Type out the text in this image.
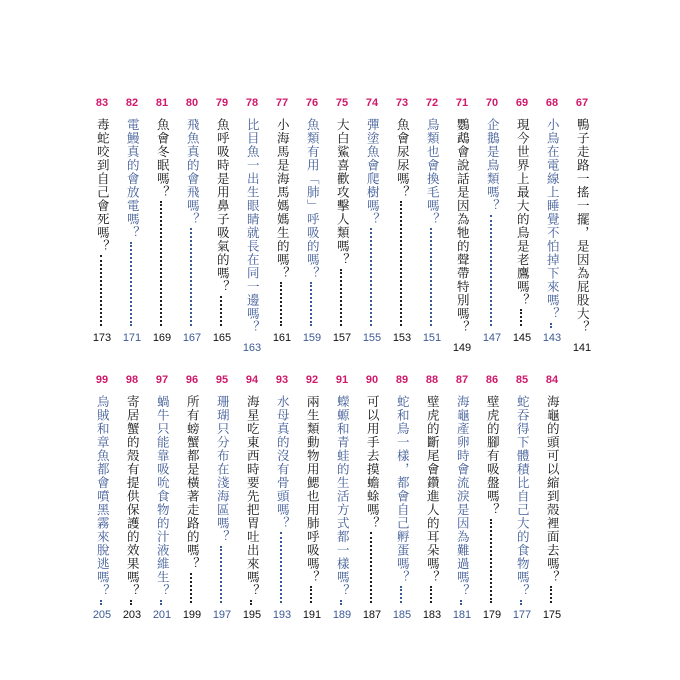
67
鴨子走路一搖一擺，是因為屁股大？
141
68
小鳥在電線上睡覺不怕掉下來嗎？
143
69
現今世界上最大的鳥是老鷹嗎？
145
70
企鵝是鳥類嗎？
147
71
鸚鵡會說話是因為牠的聲帶特別嗎？
149
72
鳥類也會換毛嗎？
151
73
魚會尿尿嗎？
153
74
彈塗魚會爬樹嗎？
155
75
大白鯊喜歡攻擊人類嗎？
157
76
魚類有用「肺」呼吸的嗎？
159
77
小海馬是海馬媽媽生的嗎？
161
78
比目魚一出生眼睛就長在同一邊嗎？
163
79
魚呼吸時是用鼻子吸氣的嗎？
165
80
飛魚真的會飛嗎？
167
81
魚會冬眠嗎？
169
82
電鰻真的會放電嗎？
171
83
毒蛇咬到自己會死嗎？
173
84
海龜的頭可以縮到殼裡面去嗎？
175
85
蛇吞得下體積比自己大的食物嗎？
177
86
壁虎的腳有吸盤嗎？
179
87
海龜產卵時會流淚是因為難過嗎？
181
88
壁虎的斷尾會鑽進人的耳朵嗎？
183
89
蛇和鳥一樣，都會自己孵蛋嗎？
185
90
可以用手去摸蟾蜍嗎？
187
91
蠑螈和青蛙的生活方式都一樣嗎？
189
92
兩生類動物用鰓也用肺呼吸嗎？
191
93
水母真的沒有骨頭嗎？
193
94
海星吃東西時要先把胃吐出來嗎？
195
95
珊瑚只分布在淺海區嗎？
197
96
所有螃蟹都是橫著走路的嗎？
199
97
蝸牛只能靠吸吮食物的汁液維生？
201
98
寄居蟹的殼有提供保護的效果嗎？
203
99
烏賊和章魚都會噴黑霧來脫逃嗎？
205
